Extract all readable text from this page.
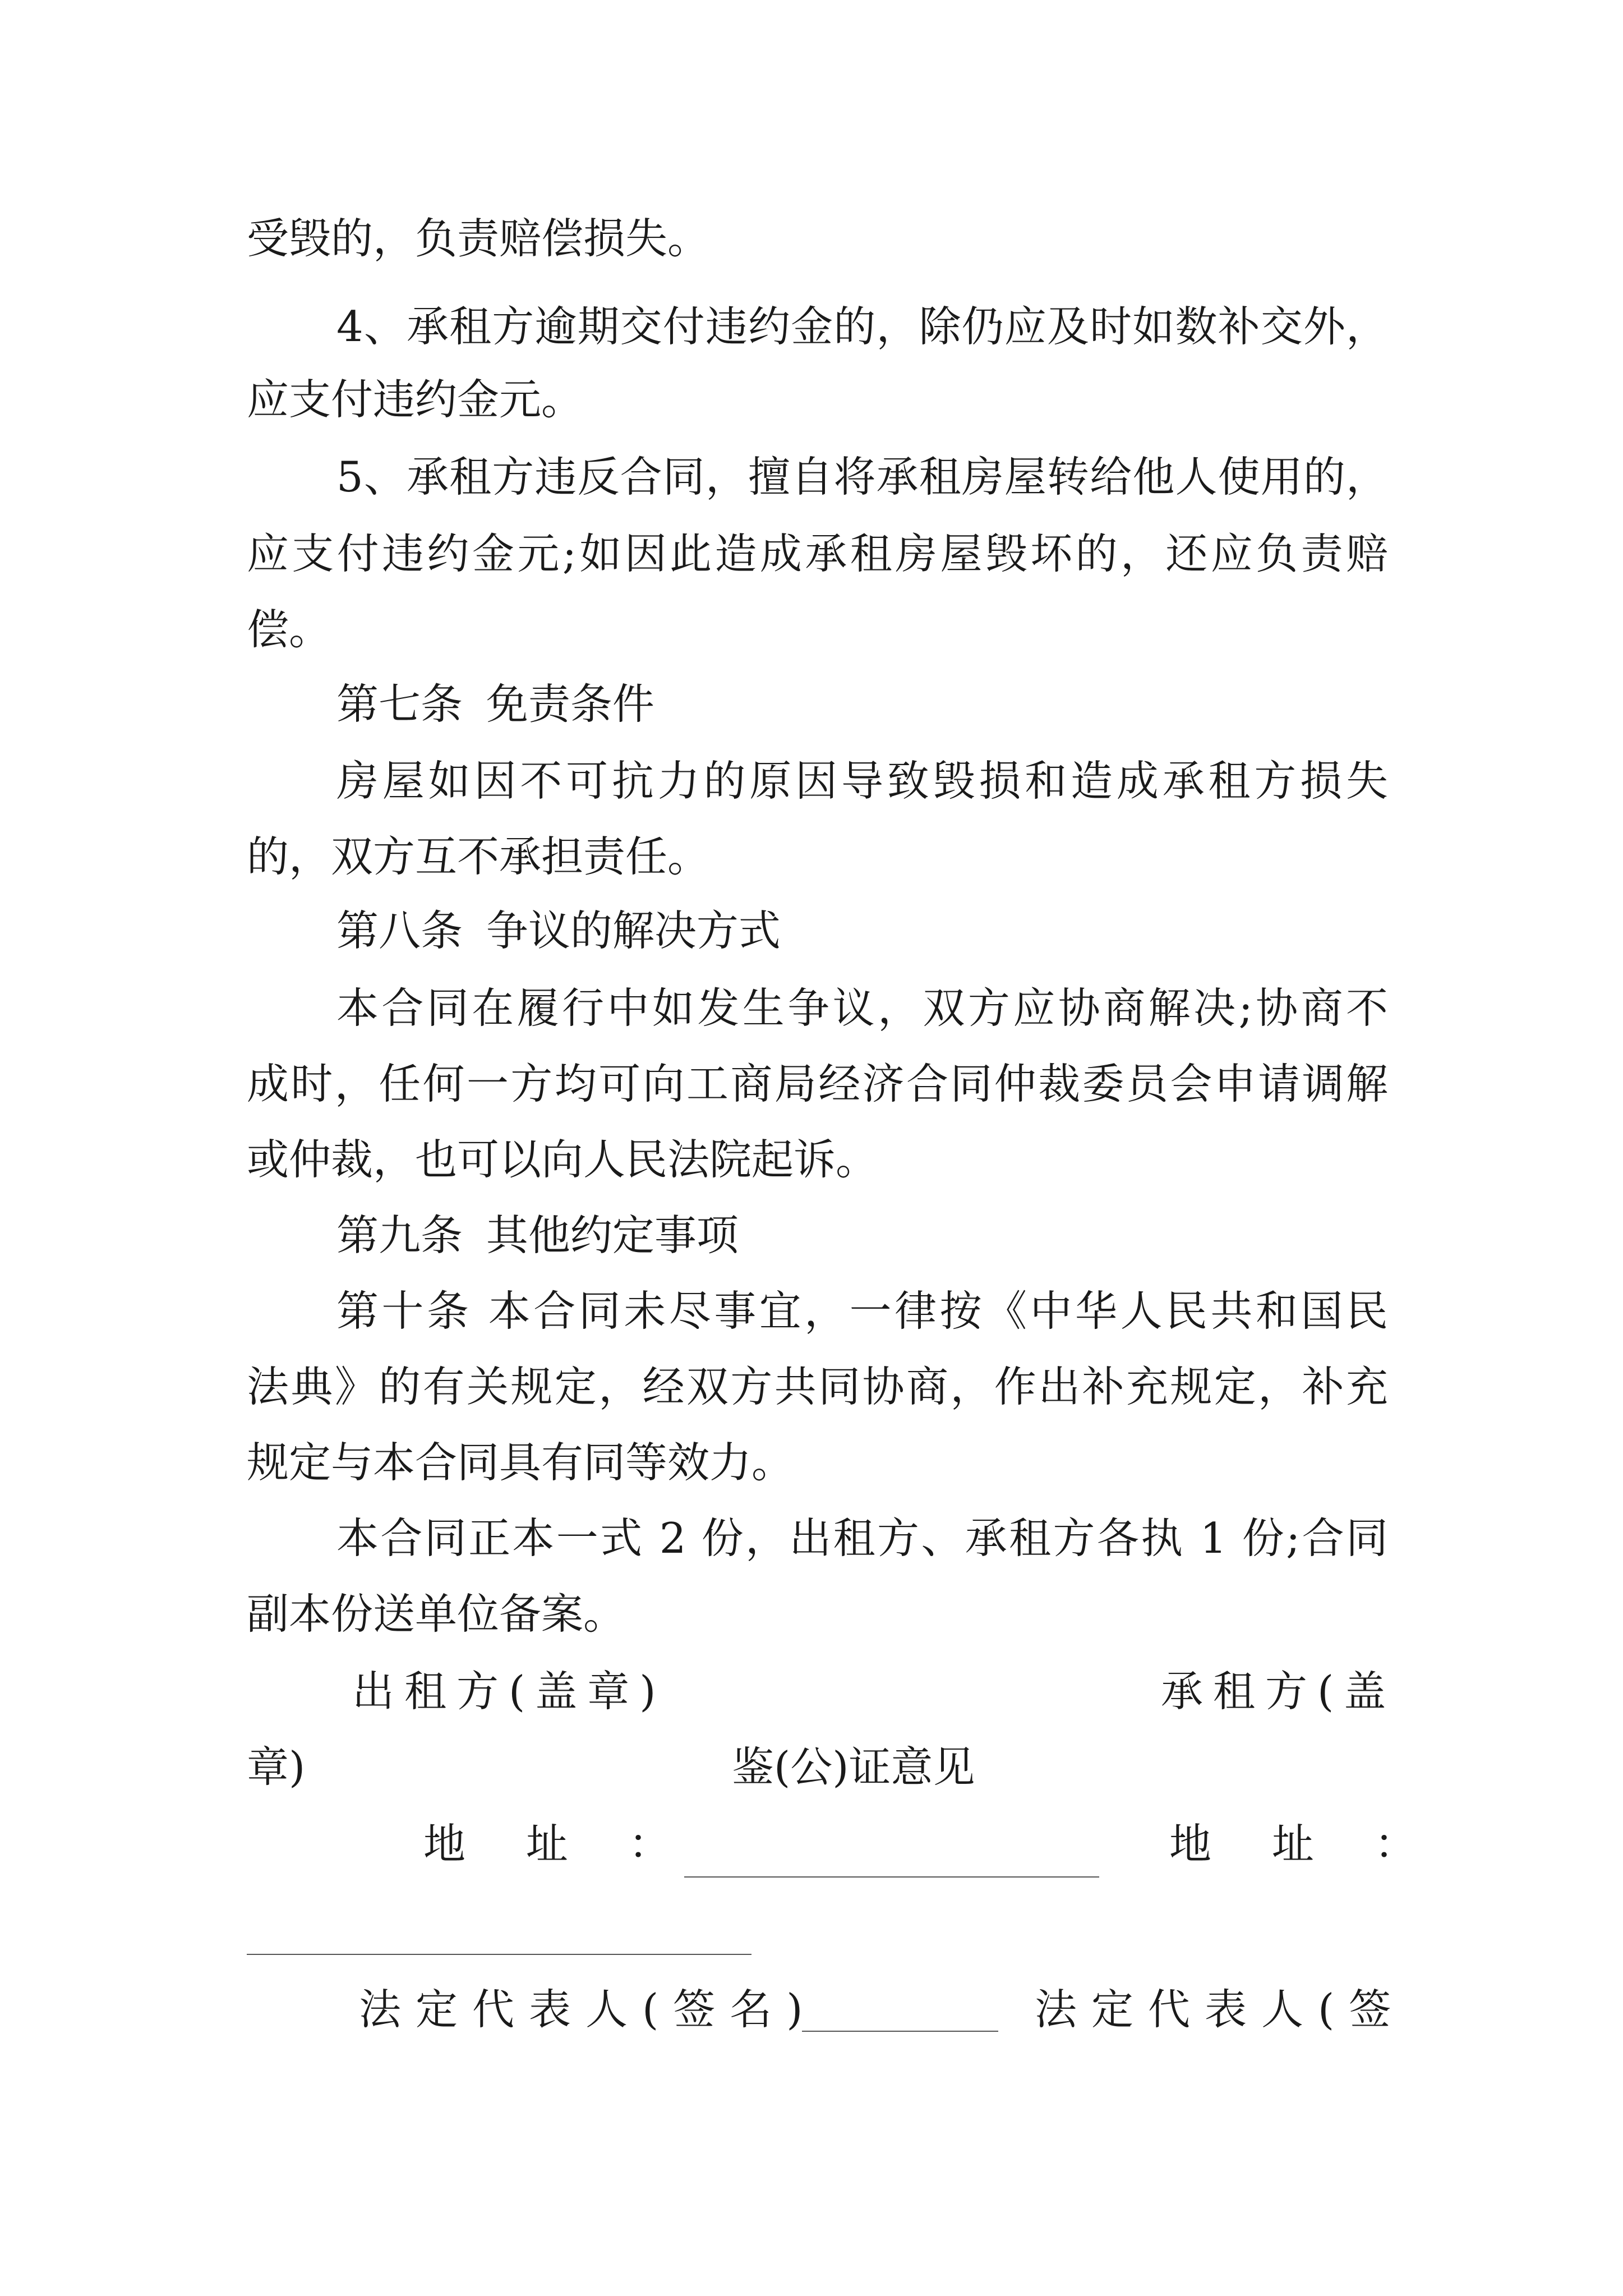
受毁的，负责赔偿损失。
4、承租方逾期交付违约金的，除仍应及时如数补交外，
应支付违约金元。
5、承租方违反合同，擅自将承租房屋转给他人使用的，
应支付违约金元;如因此造成承租房屋毁坏的，还应负责赔
偿。
第七条 免责条件
房屋如因不可抗力的原因导致毁损和造成承租方损失
的，双方互不承担责任。
第八条 争议的解决方式
本合同在履行中如发生争议，双方应协商解决;协商不
成时，任何一方均可向工商局经济合同仲裁委员会申请调解
或仲裁，也可以向人民法院起诉。
第九条 其他约定事项
第十条 本合同未尽事宜，一律按《中华人民共和国民
法典》的有关规定，经双方共同协商，作出补充规定，补充
规定与本合同具有同等效力。
本合同正本一式 2 份，出租方、承租方各执 1 份;合同
副本份送单位备案。
出租方(盖章)	承租方(盖
章)	鉴(公)证意见
地 址 ：	地 址 ：
法定代表人(签名)	法定代表人(签
